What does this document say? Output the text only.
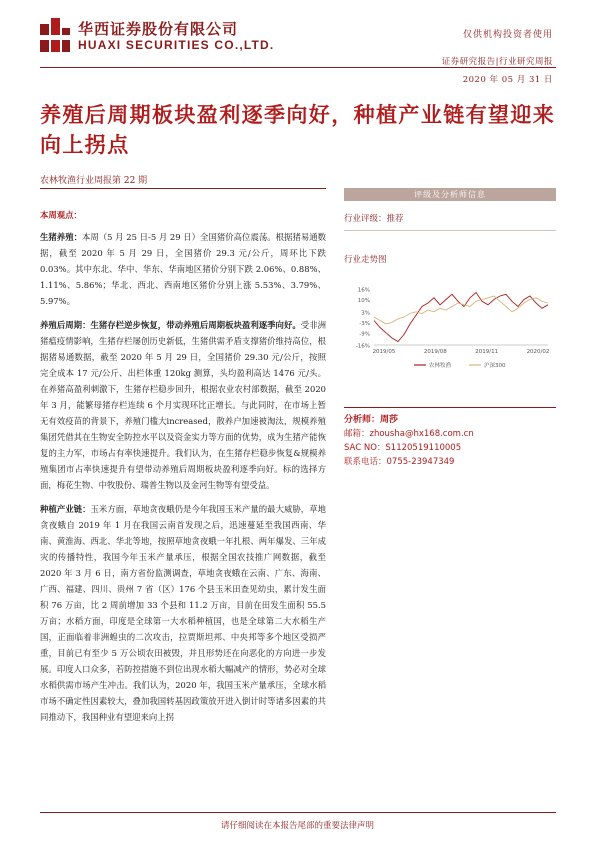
华西证券股份有限公司
HUAXI SECURITIES CO.,LTD.
仅供机构投资者使用
证券研究报告|行业研究周报
2020 年 05 月 31 日
养殖后周期板块盈利逐季向好，种植产业链有望迎来向上拐点
农林牧渔行业周报第 22 期

本周观点：

生猪养殖：本周（5 月 25 日-5 月 29 日）全国猪价高位震荡。根据猪易通数据，截至 2020 年 5 月 29 日，全国猪价 29.3 元/公斤，周环比下跌 0.03%。其中东北、华中、华东、华南地区猪价分别下跌 2.06%、0.88%、1.11%、5.86%；华北、西北、西南地区猪价分别上涨 5.53%、3.79%、5.97%。

养殖后周期：生猪存栏逆步恢复，带动养殖后周期板块盈利逐季向好。受非洲猪瘟疫情影响，生猪存栏屡创历史新低，生猪供需矛盾支撑猪价维持高位，根据猪易通数据，截至 2020 年 5 月 29 日，全国猪价 29.30 元/公斤，按照完全成本 17 元/公斤、出栏体重 120kg 测算，头均盈利高达 1476 元/头。在养猪高盈利刺激下，生猪存栏稳步回升，根据农业农村部数据，截至 2020 年 3 月，能繁母猪存栏连续 6 个月实现环比正增长。与此同时，在市场上暂无有效疫苗的背景下，养殖门槛大increased，散养户加速被淘汰，规模养殖集团凭借其在生物安全防控水平以及资金实力等方面的优势，成为生猪产能恢复的主力军，市场占有率快速提升。我们认为，在生猪存栏稳步恢复&规模养殖集团市占率快速提升有望带动养殖后周期板块盈利逐季向好。标的选择方面，梅花生物、中牧股份、瑞普生物以及金河生物等有望受益。

种植产业链：玉米方面，草地贪夜蛾仍是今年我国玉米产量的最大威胁，草地贪夜蛾自 2019 年 1 月在我国云南首发现之后，迅速蔓延至我国西南、华南、黄淮海、西北、华北等地，按照草地贪夜蛾一年扎根、两年爆发、三年成灾的传播特性，我国今年玉米产量承压，根据全国农技推广网数据，截至 2020 年 3 月 6 日，南方省份监测调查，草地贪夜蛾在云南、广东、海南、广西、福建、四川、贵州 7 省（区）176 个县玉米田查见幼虫，累计发生面积 76 万亩，比 2 周前增加 33 个县和 11.2 万亩，目前在田发生面积 55.5 万亩；水稻方面，印度是全球第一大水稻种植国，也是全球第二大水稻生产国，正面临着非洲蝗虫的二次攻击，拉贾斯坦邦、中央邦等多个地区受损严重，目前已有至少 5 万公顷农田被毁，并且形势还在向恶化的方向进一步发展。印度人口众多，若防控措施不到位出现水稻大幅减产的情形，势必对全球水稻供需市场产生冲击。我们认为，2020 年，我国玉米产量承压，全球水稻市场不确定性因素较大，叠加我国转基因政策放开进入倒计时等诸多因素的共同推动下，我国种业有望迎来向上拐

评级及分析师信息
行业评级：推荐
行业走势图
16%
10%
3%
-3%
-9%
-16%
2019/05	2019/08	2019/11	2020/02
农林牧渔	沪深300
分析师：周莎
邮箱：zhousha@hx168.com.cn
SAC NO：S1120519110005
联系电话：0755-23947349
请仔细阅读在本报告尾部的重要法律声明
